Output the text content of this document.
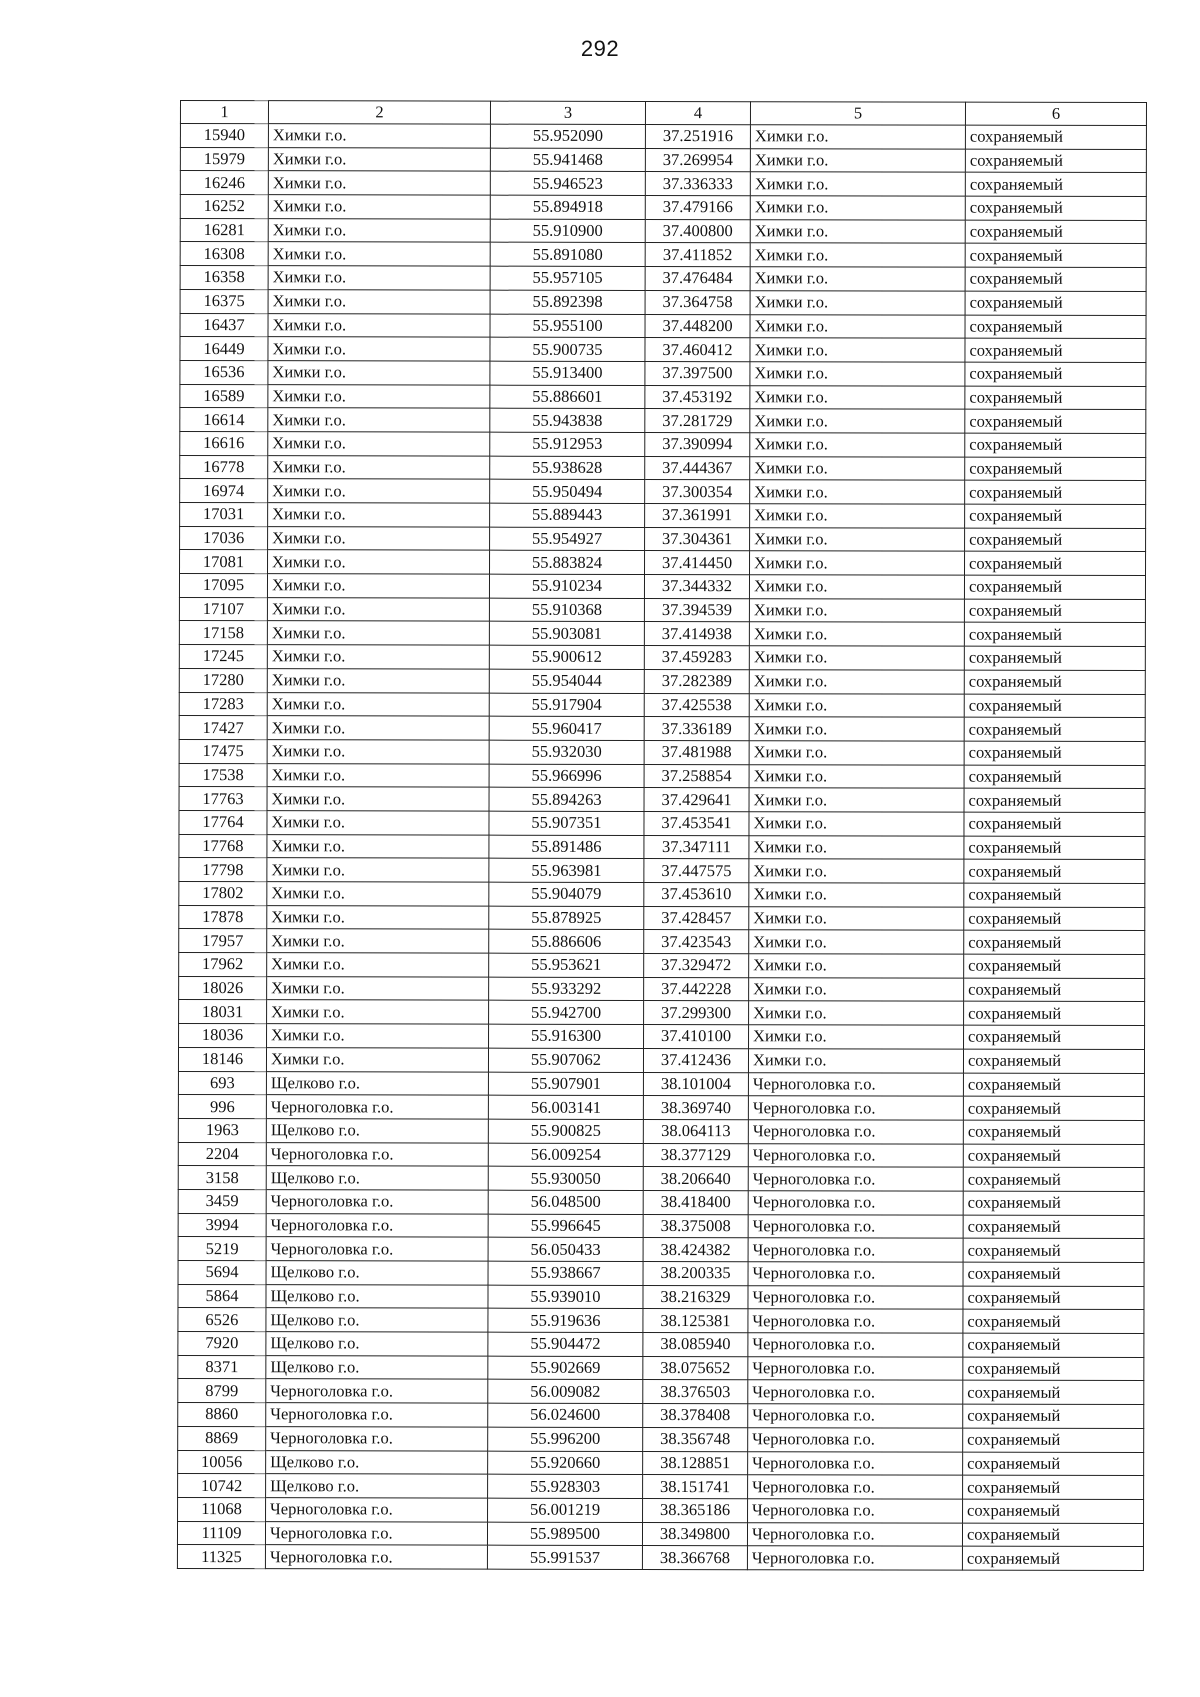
292
1	2	3	4	5	6
15940	Химки г.о.	55.952090	37.251916	Химки г.о.	сохраняемый
15979	Химки г.о.	55.941468	37.269954	Химки г.о.	сохраняемый
16246	Химки г.о.	55.946523	37.336333	Химки г.о.	сохраняемый
16252	Химки г.о.	55.894918	37.479166	Химки г.о.	сохраняемый
16281	Химки г.о.	55.910900	37.400800	Химки г.о.	сохраняемый
16308	Химки г.о.	55.891080	37.411852	Химки г.о.	сохраняемый
16358	Химки г.о.	55.957105	37.476484	Химки г.о.	сохраняемый
16375	Химки г.о.	55.892398	37.364758	Химки г.о.	сохраняемый
16437	Химки г.о.	55.955100	37.448200	Химки г.о.	сохраняемый
16449	Химки г.о.	55.900735	37.460412	Химки г.о.	сохраняемый
16536	Химки г.о.	55.913400	37.397500	Химки г.о.	сохраняемый
16589	Химки г.о.	55.886601	37.453192	Химки г.о.	сохраняемый
16614	Химки г.о.	55.943838	37.281729	Химки г.о.	сохраняемый
16616	Химки г.о.	55.912953	37.390994	Химки г.о.	сохраняемый
16778	Химки г.о.	55.938628	37.444367	Химки г.о.	сохраняемый
16974	Химки г.о.	55.950494	37.300354	Химки г.о.	сохраняемый
17031	Химки г.о.	55.889443	37.361991	Химки г.о.	сохраняемый
17036	Химки г.о.	55.954927	37.304361	Химки г.о.	сохраняемый
17081	Химки г.о.	55.883824	37.414450	Химки г.о.	сохраняемый
17095	Химки г.о.	55.910234	37.344332	Химки г.о.	сохраняемый
17107	Химки г.о.	55.910368	37.394539	Химки г.о.	сохраняемый
17158	Химки г.о.	55.903081	37.414938	Химки г.о.	сохраняемый
17245	Химки г.о.	55.900612	37.459283	Химки г.о.	сохраняемый
17280	Химки г.о.	55.954044	37.282389	Химки г.о.	сохраняемый
17283	Химки г.о.	55.917904	37.425538	Химки г.о.	сохраняемый
17427	Химки г.о.	55.960417	37.336189	Химки г.о.	сохраняемый
17475	Химки г.о.	55.932030	37.481988	Химки г.о.	сохраняемый
17538	Химки г.о.	55.966996	37.258854	Химки г.о.	сохраняемый
17763	Химки г.о.	55.894263	37.429641	Химки г.о.	сохраняемый
17764	Химки г.о.	55.907351	37.453541	Химки г.о.	сохраняемый
17768	Химки г.о.	55.891486	37.347111	Химки г.о.	сохраняемый
17798	Химки г.о.	55.963981	37.447575	Химки г.о.	сохраняемый
17802	Химки г.о.	55.904079	37.453610	Химки г.о.	сохраняемый
17878	Химки г.о.	55.878925	37.428457	Химки г.о.	сохраняемый
17957	Химки г.о.	55.886606	37.423543	Химки г.о.	сохраняемый
17962	Химки г.о.	55.953621	37.329472	Химки г.о.	сохраняемый
18026	Химки г.о.	55.933292	37.442228	Химки г.о.	сохраняемый
18031	Химки г.о.	55.942700	37.299300	Химки г.о.	сохраняемый
18036	Химки г.о.	55.916300	37.410100	Химки г.о.	сохраняемый
18146	Химки г.о.	55.907062	37.412436	Химки г.о.	сохраняемый
693	Щелково г.о.	55.907901	38.101004	Черноголовка г.о.	сохраняемый
996	Черноголовка г.о.	56.003141	38.369740	Черноголовка г.о.	сохраняемый
1963	Щелково г.о.	55.900825	38.064113	Черноголовка г.о.	сохраняемый
2204	Черноголовка г.о.	56.009254	38.377129	Черноголовка г.о.	сохраняемый
3158	Щелково г.о.	55.930050	38.206640	Черноголовка г.о.	сохраняемый
3459	Черноголовка г.о.	56.048500	38.418400	Черноголовка г.о.	сохраняемый
3994	Черноголовка г.о.	55.996645	38.375008	Черноголовка г.о.	сохраняемый
5219	Черноголовка г.о.	56.050433	38.424382	Черноголовка г.о.	сохраняемый
5694	Щелково г.о.	55.938667	38.200335	Черноголовка г.о.	сохраняемый
5864	Щелково г.о.	55.939010	38.216329	Черноголовка г.о.	сохраняемый
6526	Щелково г.о.	55.919636	38.125381	Черноголовка г.о.	сохраняемый
7920	Щелково г.о.	55.904472	38.085940	Черноголовка г.о.	сохраняемый
8371	Щелково г.о.	55.902669	38.075652	Черноголовка г.о.	сохраняемый
8799	Черноголовка г.о.	56.009082	38.376503	Черноголовка г.о.	сохраняемый
8860	Черноголовка г.о.	56.024600	38.378408	Черноголовка г.о.	сохраняемый
8869	Черноголовка г.о.	55.996200	38.356748	Черноголовка г.о.	сохраняемый
10056	Щелково г.о.	55.920660	38.128851	Черноголовка г.о.	сохраняемый
10742	Щелково г.о.	55.928303	38.151741	Черноголовка г.о.	сохраняемый
11068	Черноголовка г.о.	56.001219	38.365186	Черноголовка г.о.	сохраняемый
11109	Черноголовка г.о.	55.989500	38.349800	Черноголовка г.о.	сохраняемый
11325	Черноголовка г.о.	55.991537	38.366768	Черноголовка г.о.	сохраняемый
